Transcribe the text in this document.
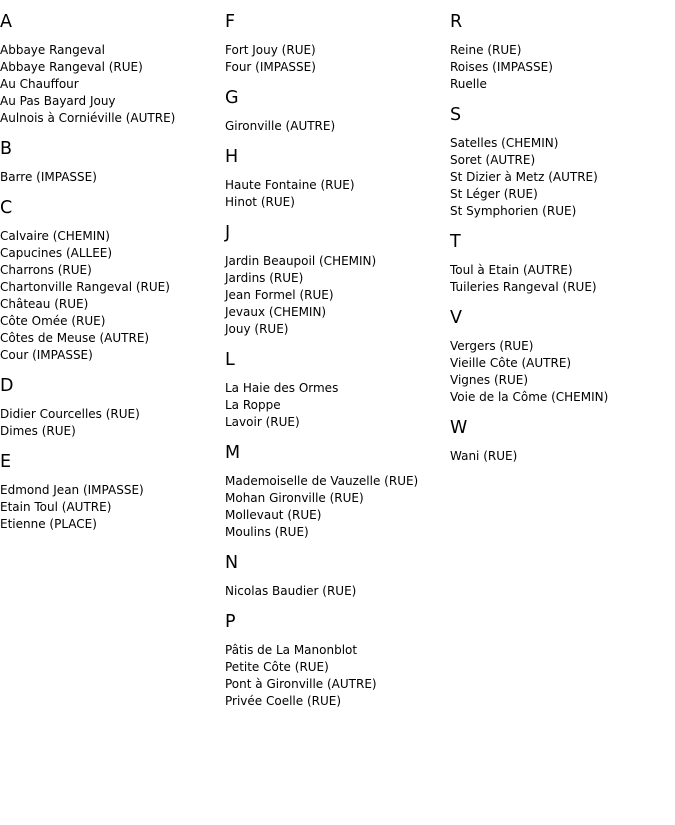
A
Abbaye Rangeval
Abbaye Rangeval (RUE)
Au Chauffour
Au Pas Bayard Jouy
Aulnois à Corniéville (AUTRE)
B
Barre (IMPASSE)
C
Calvaire (CHEMIN)
Capucines (ALLEE)
Charrons (RUE)
Chartonville Rangeval (RUE)
Château (RUE)
Côte Omée (RUE)
Côtes de Meuse (AUTRE)
Cour (IMPASSE)
D
Didier Courcelles (RUE)
Dimes (RUE)
E
Edmond Jean (IMPASSE)
Etain Toul (AUTRE)
Etienne (PLACE)
F
Fort Jouy (RUE)
Four (IMPASSE)
G
Gironville (AUTRE)
H
Haute Fontaine (RUE)
Hinot (RUE)
J
Jardin Beaupoil (CHEMIN)
Jardins (RUE)
Jean Formel (RUE)
Jevaux (CHEMIN)
Jouy (RUE)
L
La Haie des Ormes
La Roppe
Lavoir (RUE)
M
Mademoiselle de Vauzelle (RUE)
Mohan Gironville (RUE)
Mollevaut (RUE)
Moulins (RUE)
N
Nicolas Baudier (RUE)
P
Pâtis de La Manonblot
Petite Côte (RUE)
Pont à Gironville (AUTRE)
Privée Coelle (RUE)
R
Reine (RUE)
Roises (IMPASSE)
Ruelle
S
Satelles (CHEMIN)
Soret (AUTRE)
St Dizier à Metz (AUTRE)
St Léger (RUE)
St Symphorien (RUE)
T
Toul à Etain (AUTRE)
Tuileries Rangeval (RUE)
V
Vergers (RUE)
Vieille Côte (AUTRE)
Vignes (RUE)
Voie de la Côme (CHEMIN)
W
Wani (RUE)
